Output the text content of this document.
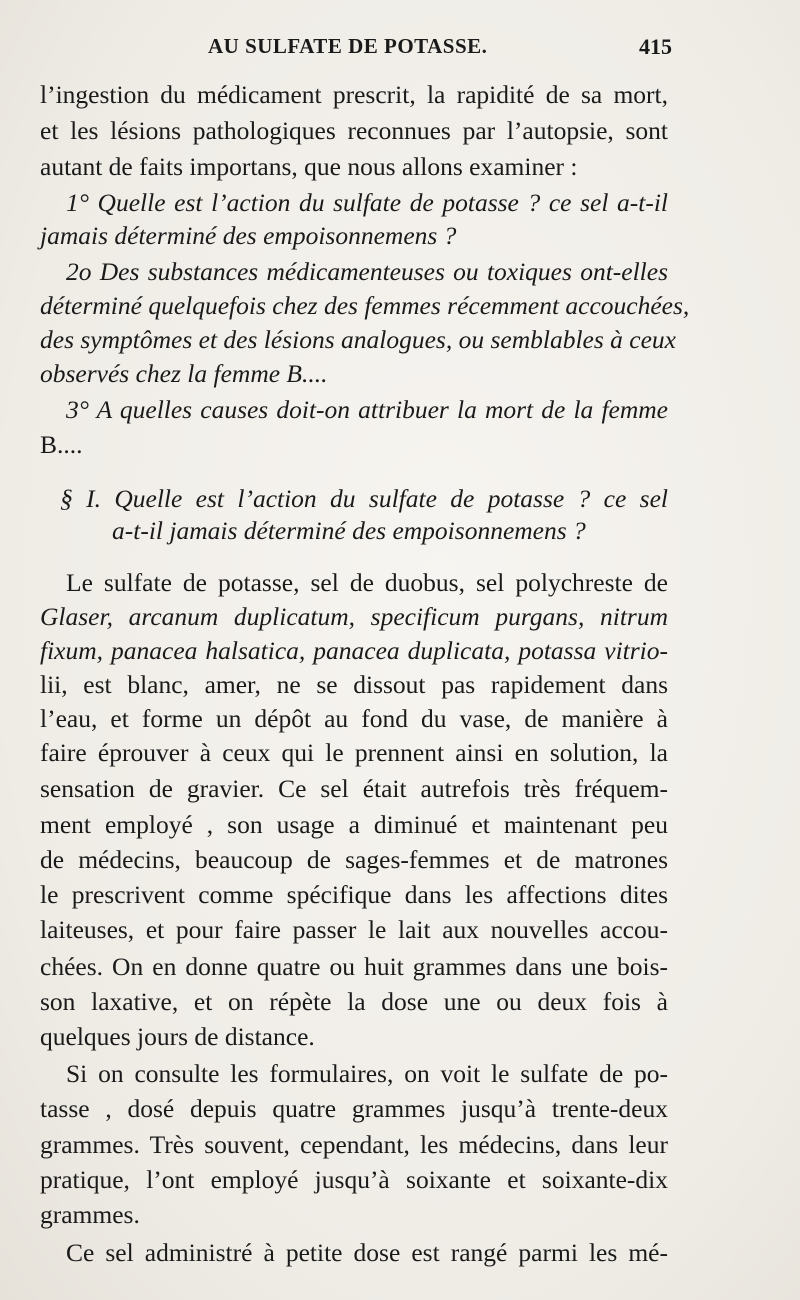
AU SULFATE DE POTASSE.	415
l’ingestion du médicament prescrit, la rapidité de sa mort,
et les lésions pathologiques reconnues par l’autopsie, sont
autant de faits importans, que nous allons examiner :
1° Quelle est l’action du sulfate de potasse ? ce sel a-t-il
jamais déterminé des empoisonnemens ?
2o Des substances médicamenteuses ou toxiques ont-elles
déterminé quelquefois chez des femmes récemment accouchées,
des symptômes et des lésions analogues, ou semblables à ceux
observés chez la femme B....
3° A quelles causes doit-on attribuer la mort de la femme
B....
§ I. Quelle est l’action du sulfate de potasse ? ce sel
a-t-il jamais déterminé des empoisonnemens ?
Le sulfate de potasse, sel de duobus, sel polychreste de
Glaser, arcanum duplicatum, specificum purgans, nitrum
fixum, panacea halsatica, panacea duplicata, potassa vitrio-
lii, est blanc, amer, ne se dissout pas rapidement dans
l’eau, et forme un dépôt au fond du vase, de manière à
faire éprouver à ceux qui le prennent ainsi en solution, la
sensation de gravier. Ce sel était autrefois très fréquem-
ment employé , son usage a diminué et maintenant peu
de médecins, beaucoup de sages-femmes et de matrones
le prescrivent comme spécifique dans les affections dites
laiteuses, et pour faire passer le lait aux nouvelles accou-
chées. On en donne quatre ou huit grammes dans une bois-
son laxative, et on répète la dose une ou deux fois à
quelques jours de distance.
Si on consulte les formulaires, on voit le sulfate de po-
tasse , dosé depuis quatre grammes jusqu’à trente-deux
grammes. Très souvent, cependant, les médecins, dans leur
pratique, l’ont employé jusqu’à soixante et soixante-dix
grammes.
Ce sel administré à petite dose est rangé parmi les mé-
